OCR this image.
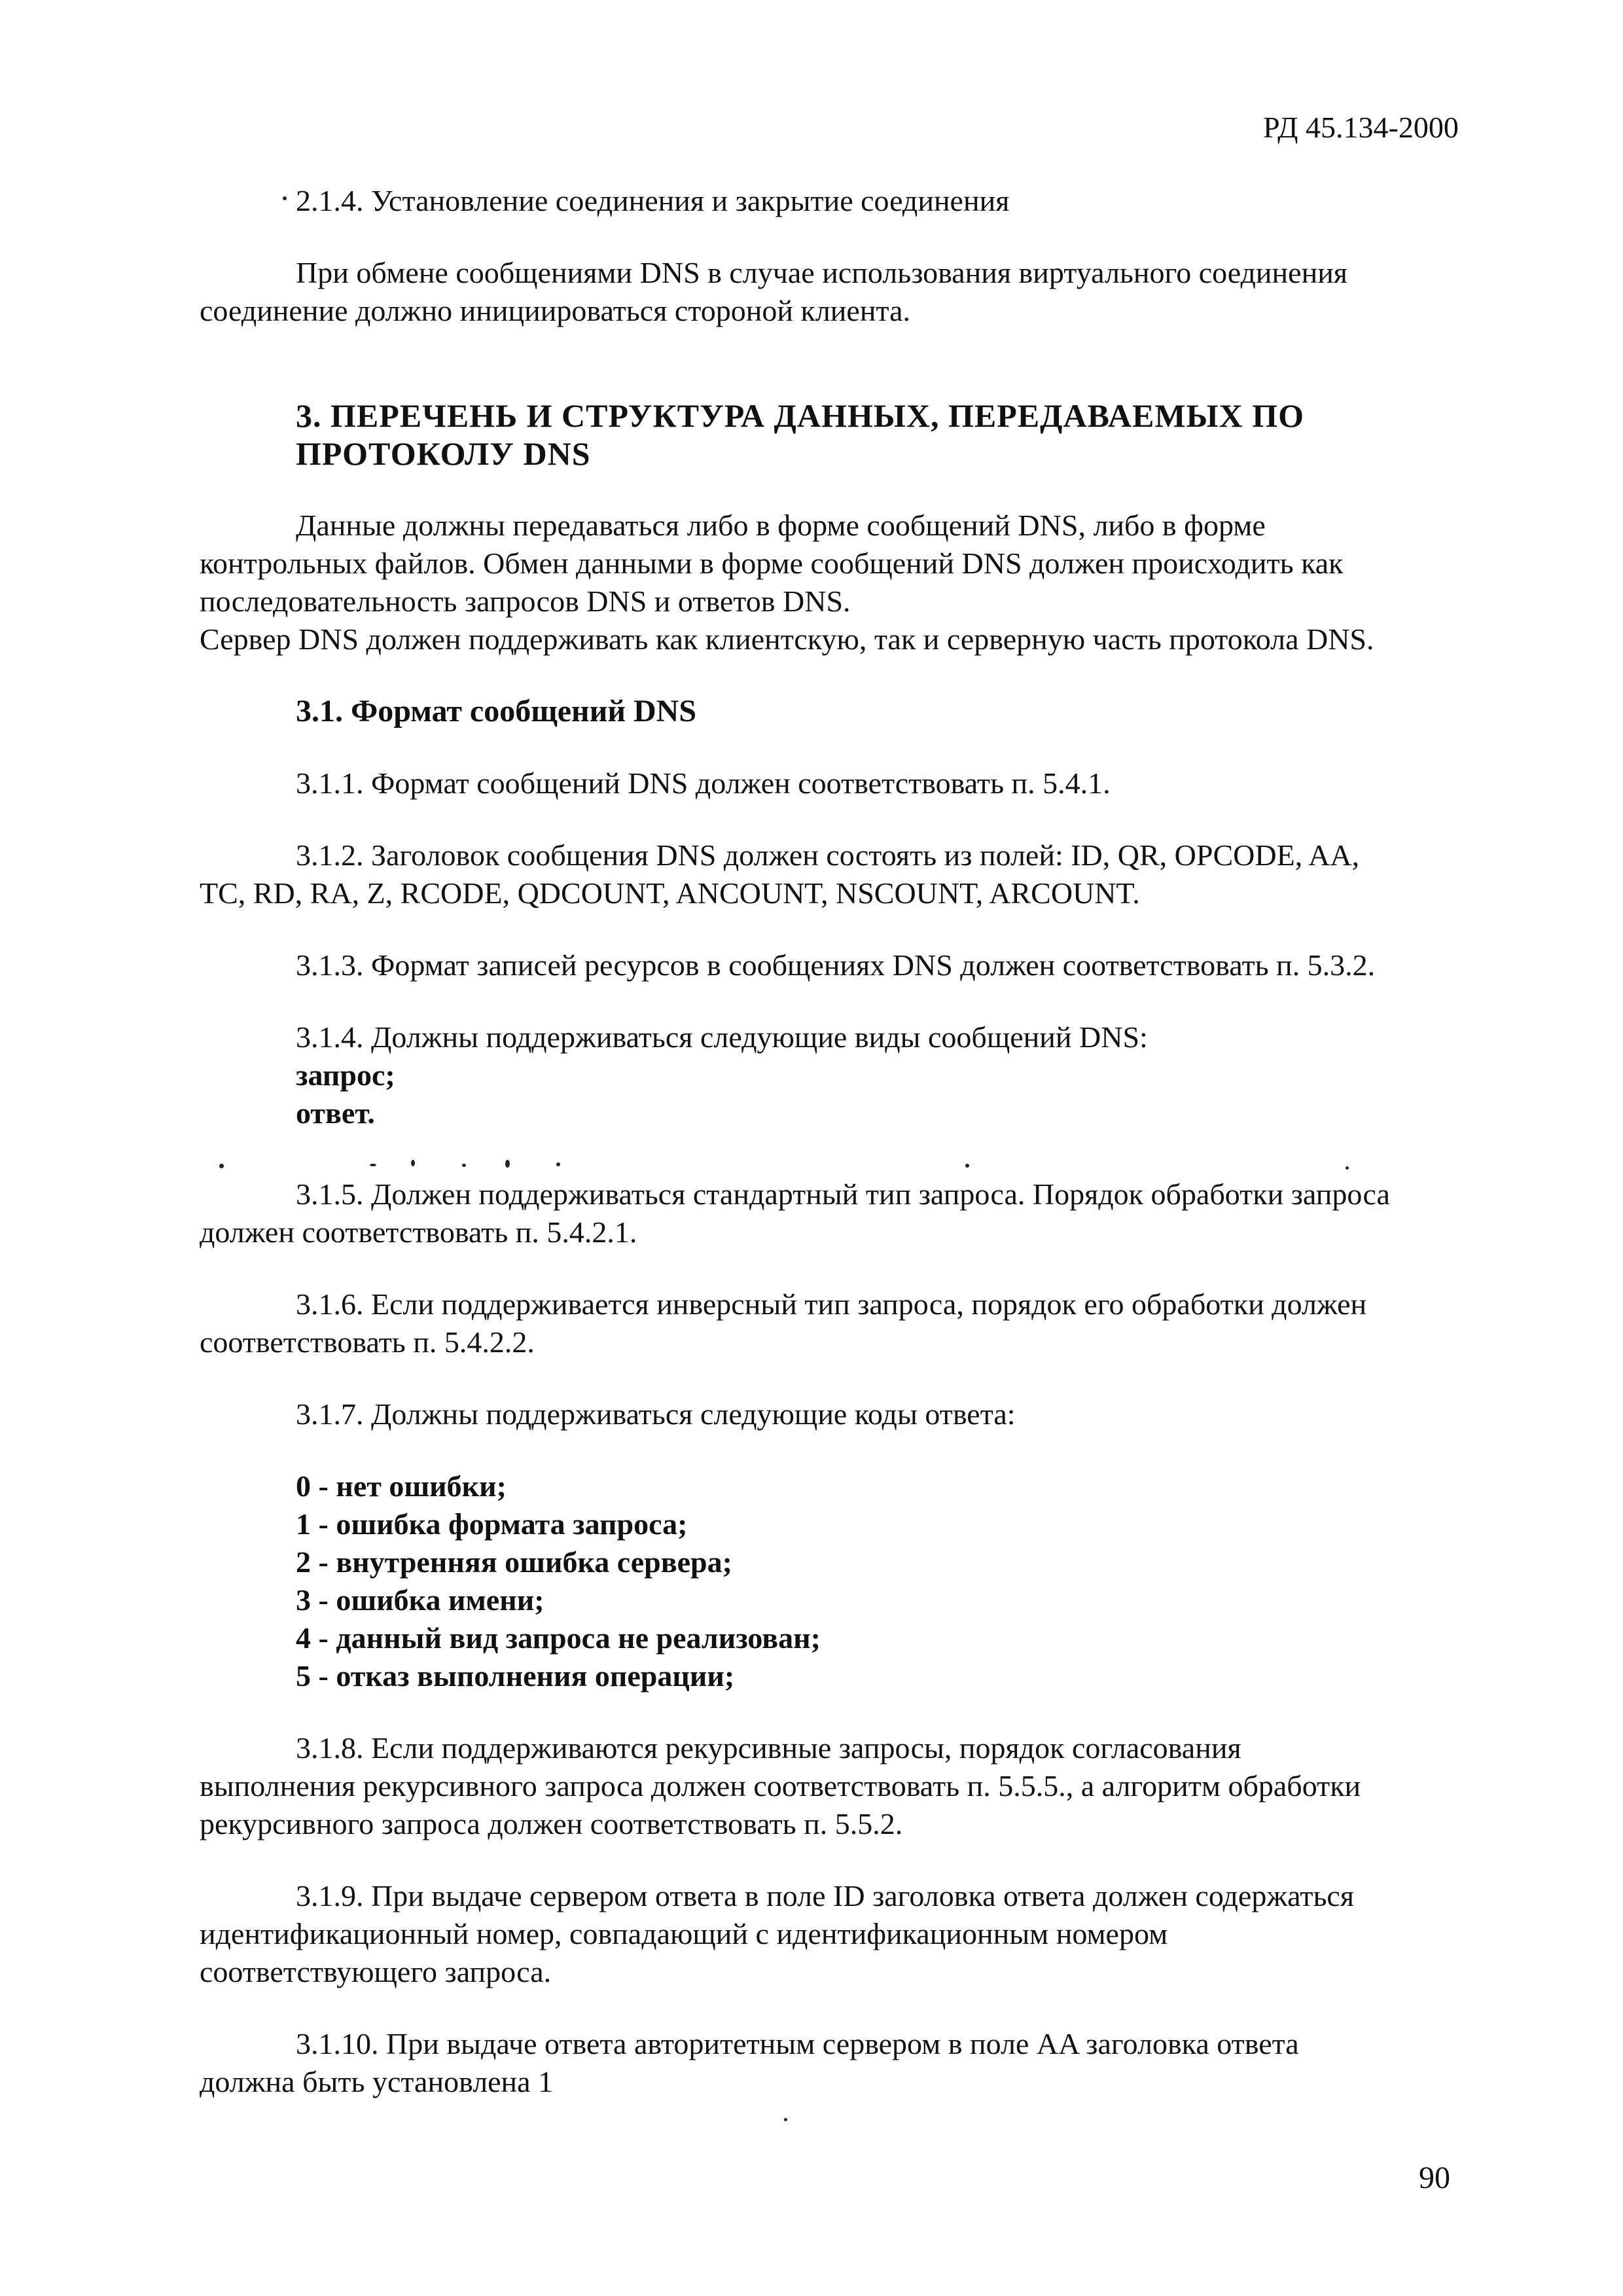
РД 45.134-2000
2.1.4. Установление соединения и закрытие соединения
При обмене сообщениями DNS в случае использования виртуального соединения
соединение должно инициироваться стороной клиента.
3. ПЕРЕЧЕНЬ И СТРУКТУРА ДАННЫХ, ПЕРЕДАВАЕМЫХ ПО
ПРОТОКОЛУ DNS
Данные должны передаваться либо в форме сообщений DNS, либо в форме
контрольных файлов. Обмен данными в форме сообщений DNS должен происходить как
последовательность запросов DNS и ответов DNS.
Сервер DNS должен поддерживать как клиентскую, так и серверную часть протокола DNS.
3.1. Формат сообщений DNS
3.1.1. Формат сообщений DNS должен соответствовать п. 5.4.1.
3.1.2. Заголовок сообщения DNS должен состоять из полей: ID, QR, OPCODE, AA,
TC, RD, RA, Z, RCODE, QDCOUNT, ANCOUNT, NSCOUNT, ARCOUNT.
3.1.3. Формат записей ресурсов в сообщениях DNS должен соответствовать п. 5.3.2.
3.1.4. Должны поддерживаться следующие виды сообщений DNS:
запрос;
ответ.
3.1.5. Должен поддерживаться стандартный тип запроса. Порядок обработки запроса
должен соответствовать п. 5.4.2.1.
3.1.6. Если поддерживается инверсный тип запроса, порядок его обработки должен
соответствовать п. 5.4.2.2.
3.1.7. Должны поддерживаться следующие коды ответа:
0 - нет ошибки;
1 - ошибка формата запроса;
2 - внутренняя ошибка сервера;
3 - ошибка имени;
4 - данный вид запроса не реализован;
5 - отказ выполнения операции;
3.1.8. Если поддерживаются рекурсивные запросы, порядок согласования
выполнения рекурсивного запроса должен соответствовать п. 5.5.5., а алгоритм обработки
рекурсивного запроса должен соответствовать п. 5.5.2.
3.1.9. При выдаче сервером ответа в поле ID заголовка ответа должен содержаться
идентификационный номер, совпадающий с идентификационным номером
соответствующего запроса.
3.1.10. При выдаче ответа авторитетным сервером в поле AA заголовка ответа
должна быть установлена 1
90
